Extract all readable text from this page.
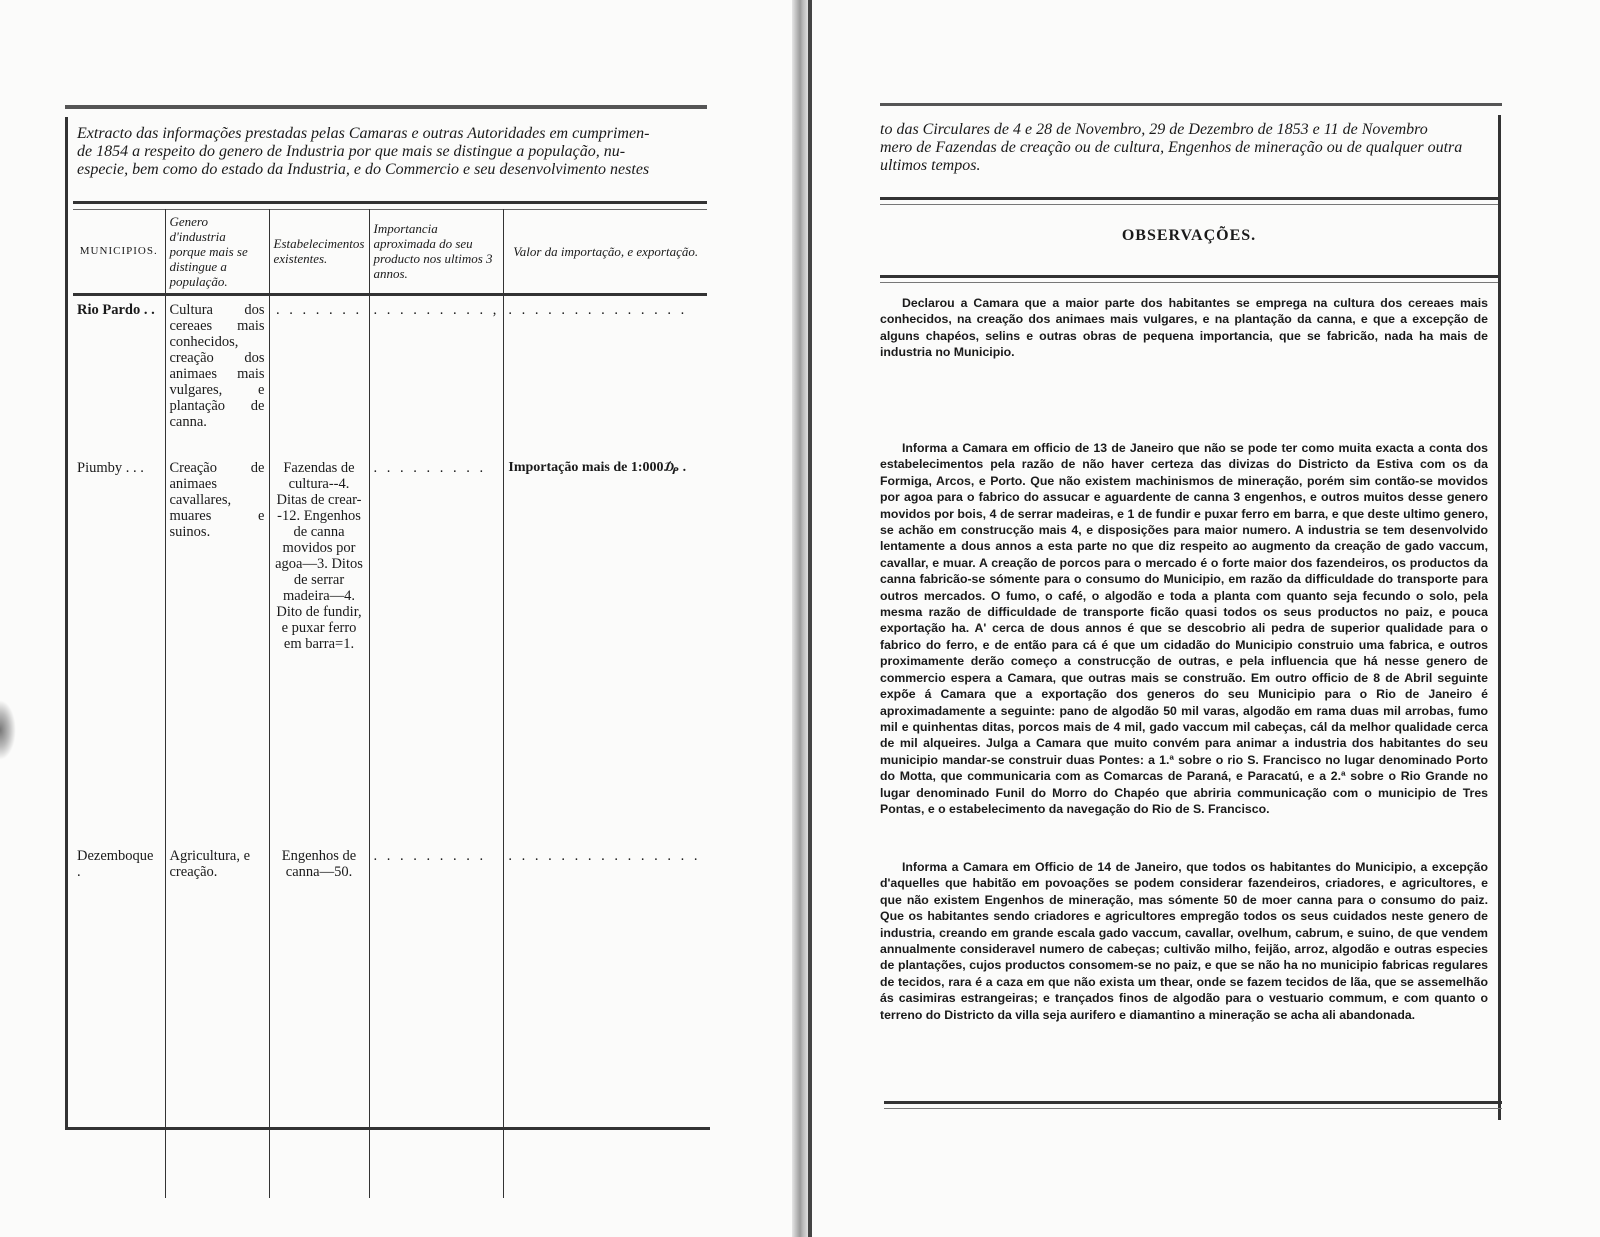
Extracto das informações prestadas pelas Camaras e outras Autoridades em cumprimen-
de 1854 a respeito do genero de Industria por que mais se distingue a população, nu-
especie, bem como do estado da Industria, e do Commercio e seu desenvolvimento nestes
MUNICIPIOS.	Genero d'industria porque mais se distingue a população.	Estabelecimentos existentes.	Importancia aproximada do seu producto nos ultimos 3 annos.	Valor da importação, e exportação.
Rio Pardo . .	Cultura dos cereaes mais conhecidos, creação dos animaes mais vulgares, e plantação de canna.	. . . . . . .	. . . . . . . . . ,	. . . . . . . . . . . . . .
Piumby . . .	Creação de animaes cavallares, muares e suinos.	Fazendas de cultura--4. Ditas de crear--12. Engenhos de canna movidos por agoa—3. Ditos de serrar madeira—4. Dito de fundir, e puxar ferro em barra=1.	. . . . . . . . .	Importação mais de 1:000₯ .
Dezemboque .	Agricultura, e creação.	Engenhos de canna—50.	. . . . . . . . .	. . . . . . . . . . . . . . .

to das Circulares de 4 e 28 de Novembro, 29 de Dezembro de 1853 e 11 de Novembro
mero de Fazendas de creação ou de cultura, Engenhos de mineração ou de qualquer outra
ultimos tempos.
OBSERVAÇÕES.
Declarou a Camara que a maior parte dos habitantes se emprega na cultura dos cereaes mais conhecidos, na creação dos animaes mais vulgares, e na plantação da canna, e que a excepção de alguns chapéos, selins e outras obras de pequena importancia, que se fabricão, nada ha mais de industria no Municipio.
Informa a Camara em officio de 13 de Janeiro que não se pode ter como muita exacta a conta dos estabelecimentos pela razão de não haver certeza das divizas do Districto da Estiva com os da Formiga, Arcos, e Porto. Que não existem machinismos de mineração, porém sim contão-se movidos por agoa para o fabrico do assucar e aguardente de canna 3 engenhos, e outros muitos desse genero movidos por bois, 4 de serrar madeiras, e 1 de fundir e puxar ferro em barra, e que deste ultimo genero, se achão em construcção mais 4, e disposições para maior numero. A industria se tem desenvolvido lentamente a dous annos a esta parte no que diz respeito ao augmento da creação de gado vaccum, cavallar, e muar. A creação de porcos para o mercado é o forte maior dos fazendeiros, os productos da canna fabricão-se sómente para o consumo do Municipio, em razão da difficuldade do transporte para outros mercados. O fumo, o café, o algodão e toda a planta com quanto seja fecundo o solo, pela mesma razão de difficuldade de transporte ficão quasi todos os seus productos no paiz, e pouca exportação ha. A' cerca de dous annos é que se descobrio ali pedra de superior qualidade para o fabrico do ferro, e de então para cá é que um cidadão do Municipio construio uma fabrica, e outros proximamente derão começo a construcção de outras, e pela influencia que há nesse genero de commercio espera a Camara, que outras mais se construão. Em outro officio de 8 de Abril seguinte expõe á Camara que a exportação dos generos do seu Municipio para o Rio de Janeiro é aproximadamente a seguinte: pano de algodão 50 mil varas, algodão em rama duas mil arrobas, fumo mil e quinhentas ditas, porcos mais de 4 mil, gado vaccum mil cabeças, cál da melhor qualidade cerca de mil alqueires. Julga a Camara que muito convém para animar a industria dos habitantes do seu municipio mandar-se construir duas Pontes: a 1.ª sobre o rio S. Francisco no lugar denominado Porto do Motta, que communicaria com as Comarcas de Paraná, e Paracatú, e a 2.ª sobre o Rio Grande no lugar denominado Funil do Morro do Chapéo que abriria communicação com o municipio de Tres Pontas, e o estabelecimento da navegação do Rio de S. Francisco.
Informa a Camara em Officio de 14 de Janeiro, que todos os habitantes do Municipio, a excepção d'aquelles que habitão em povoações se podem considerar fazendeiros, criadores, e agricultores, e que não existem Engenhos de mineração, mas sómente 50 de moer canna para o consumo do paiz. Que os habitantes sendo criadores e agricultores empregão todos os seus cuidados neste genero de industria, creando em grande escala gado vaccum, cavallar, ovelhum, cabrum, e suino, de que vendem annualmente consideravel numero de cabeças; cultivão milho, feijão, arroz, algodão e outras especies de plantações, cujos productos consomem-se no paiz, e que se não ha no municipio fabricas regulares de tecidos, rara é a caza em que não exista um thear, onde se fazem tecidos de lãa, que se assemelhão ás casimiras estrangeiras; e trançados finos de algodão para o vestuario commum, e com quanto o terreno do Districto da villa seja aurifero e diamantino a mineração se acha ali abandonada.
